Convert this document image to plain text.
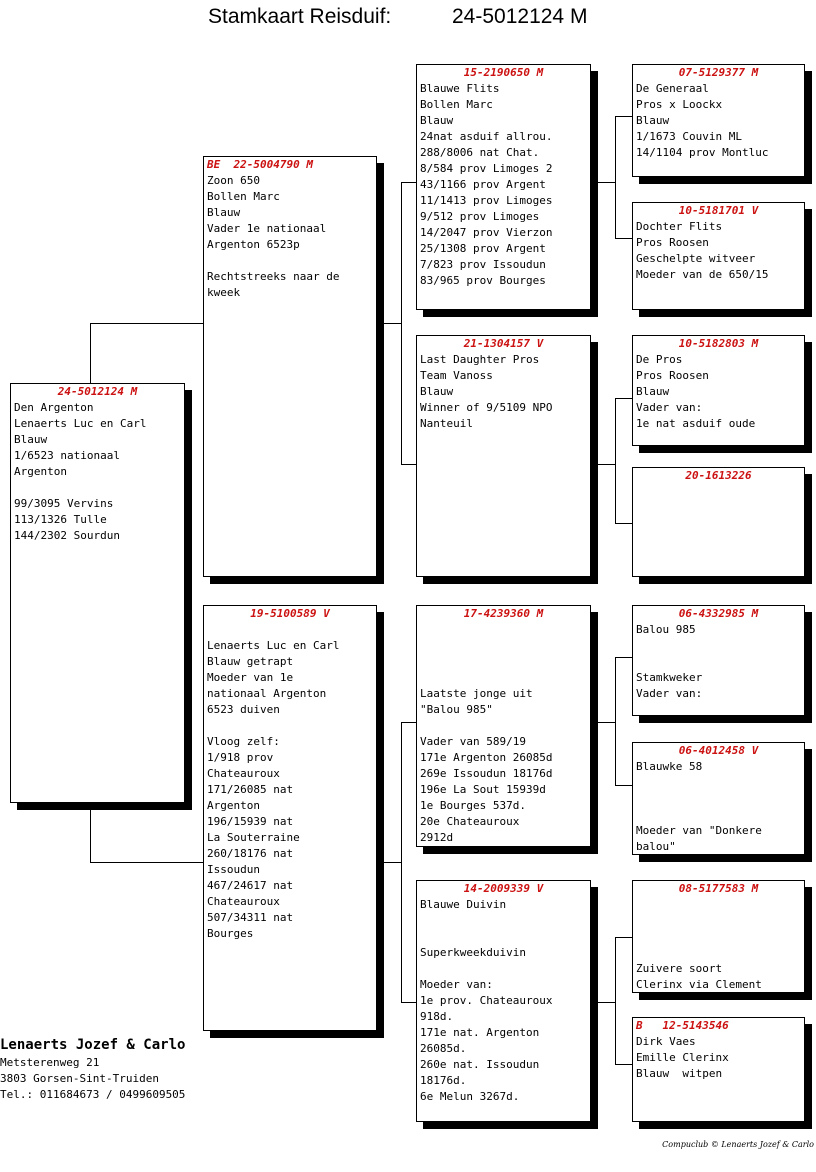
Stamkaart Reisduif:	24-5012124 M
24-5012124 M
Den Argenton
Lenaerts Luc en Carl
Blauw
1/6523 nationaal
Argenton
99/3095 Vervins
113/1326 Tulle
144/2302 Sourdun
BE  22-5004790 M
Zoon 650
Bollen Marc
Blauw
Vader 1e nationaal
Argenton 6523p
Rechtstreeks naar de
kweek
19-5100589 V
Lenaerts Luc en Carl
Blauw getrapt
Moeder van 1e
nationaal Argenton
6523 duiven
Vloog zelf:
1/918 prov
Chateauroux
171/26085 nat
Argenton
196/15939 nat
La Souterraine
260/18176 nat
Issoudun
467/24617 nat
Chateauroux
507/34311 nat
Bourges
15-2190650 M
Blauwe Flits
Bollen Marc
Blauw
24nat asduif allrou.
288/8006 nat Chat.
8/584 prov Limoges 2
43/1166 prov Argent
11/1413 prov Limoges
9/512 prov Limoges
14/2047 prov Vierzon
25/1308 prov Argent
7/823 prov Issoudun
83/965 prov Bourges
21-1304157 V
Last Daughter Pros
Team Vanoss
Blauw
Winner of 9/5109 NPO
Nanteuil
17-4239360 M
Laatste jonge uit
"Balou 985"
Vader van 589/19
171e Argenton 26085d
269e Issoudun 18176d
196e La Sout 15939d
1e Bourges 537d.
20e Chateauroux
2912d
14-2009339 V
Blauwe Duivin
Superkweekduivin
Moeder van:
1e prov. Chateauroux
918d.
171e nat. Argenton
26085d.
260e nat. Issoudun
18176d.
6e Melun 3267d.
07-5129377 M
De Generaal
Pros x Loockx
Blauw
1/1673 Couvin ML
14/1104 prov Montluc
10-5181701 V
Dochter Flits
Pros Roosen
Geschelpte witveer
Moeder van de 650/15
10-5182803 M
De Pros
Pros Roosen
Blauw
Vader van:
1e nat asduif oude
20-1613226
06-4332985 M
Balou 985
Stamkweker
Vader van:
06-4012458 V
Blauwke 58
Moeder van "Donkere
balou"
08-5177583 M
Zuivere soort
Clerinx via Clement
B   12-5143546
Dirk Vaes
Emille Clerinx
Blauw  witpen
Lenaerts Jozef & Carlo
Metsterenweg 21
3803 Gorsen-Sint-Truiden
Tel.: 011684673 / 0499609505
Compuclub © Lenaerts Jozef & Carlo
